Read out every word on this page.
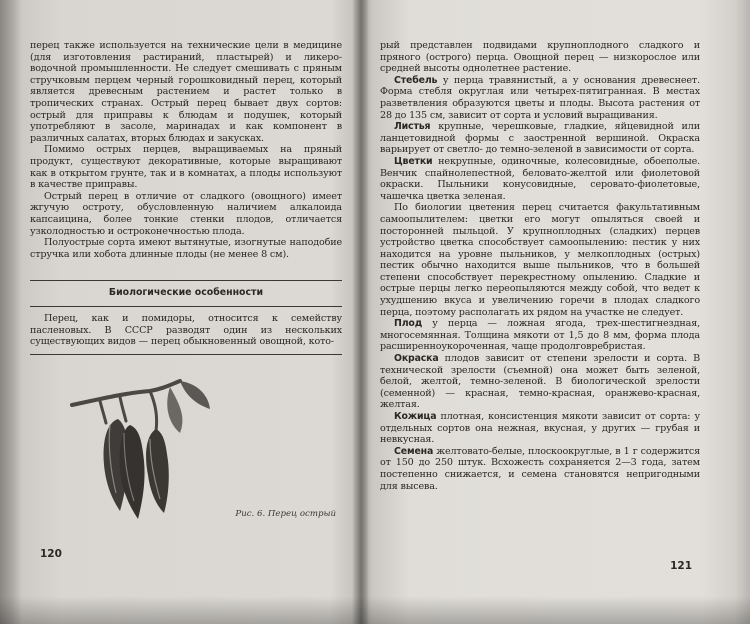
перец также используется на технические цели в медицине (для изготовления растираний, пластырей) и ликеро-водочной промышленности. Не следует смешивать с пряным стручковым перцем черный горошковидный перец, который является древесным растением и растет только в тропических странах. Острый перец бывает двух сортов: острый для приправы к блюдам и подушек, который употребляют в засоле, маринадах и как компонент в различных салатах, вторых блюдах и закусках.

Помимо острых перцев, выращиваемых на пряный продукт, существуют декоративные, которые выращивают как в открытом грунте, так и в комнатах, а плоды используют в качестве приправы.

Острый перец в отличие от сладкого (овощного) имеет жгучую остроту, обусловленную наличием алкалоида капсаицина, более тонкие стенки плодов, отличается узколодностью и остроконечностью плода.

Полуострые сорта имеют вытянутые, изогнутые наподобие стручка или хобота длинные плоды (не менее 8 см).

Биологические особенности

Перец, как и помидоры, относится к семейству пасленовых. В СССР разводят один из нескольких существующих видов — перец обыкновенный овощной, кото-

Рис. 6. Перец острый
120

рый представлен подвидами крупноплодного сладкого и пряного (острого) перца. Овощной перец — низкорослое или средней высоты однолетнее растение.

Стебель у перца травянистый, а у основания древеснеет. Форма стебля округлая или четырех-пятигранная. В местах разветвления образуются цветы и плоды. Высота растения от 28 до 135 см, зависит от сорта и условий выращивания.

Листья крупные, черешковые, гладкие, яйцевидной или ланцетовидной формы с заостренной вершиной. Окраска варьирует от светло- до темно-зеленой в зависимости от сорта.

Цветки некрупные, одиночные, колесовидные, обоеполые. Венчик спайнолепестной, беловато-желтой или фиолетовой окраски. Пыльники конусовидные, серовато-фиолетовые, чашечка цветка зеленая.

По биологии цветения перец считается факультативным самоопылителем: цветки его могут опыляться своей и посторонней пыльцой. У крупноплодных (сладких) перцев устройство цветка способствует самоопылению: пестик у них находится на уровне пыльников, у мелкоплодных (острых) пестик обычно находится выше пыльников, что в большей степени способствует перекрестному опылению. Сладкие и острые перцы легко переопыляются между собой, что ведет к ухудшению вкуса и увеличению горечи в плодах сладкого перца, поэтому располагать их рядом на участке не следует.

Плод у перца — ложная ягода, трех-шестигнездная, многосемянная. Толщина мякоти от 1,5 до 8 мм, форма плода расширенноукороченная, чаще продолговребристая.

Окраска плодов зависит от степени зрелости и сорта. В технической зрелости (съемной) она может быть зеленой, белой, желтой, темно-зеленой. В биологической зрелости (семенной) — красная, темно-красная, оранжево-красная, желтая.

Кожица плотная, консистенция мякоти зависит от сорта: у отдельных сортов она нежная, вкусная, у других — грубая и невкусная.

Семена желтовато-белые, плоскоокруглые, в 1 г содержится от 150 до 250 штук. Всхожесть сохраняется 2—3 года, затем постепенно снижается, и семена становятся непригодными для высева.

121
